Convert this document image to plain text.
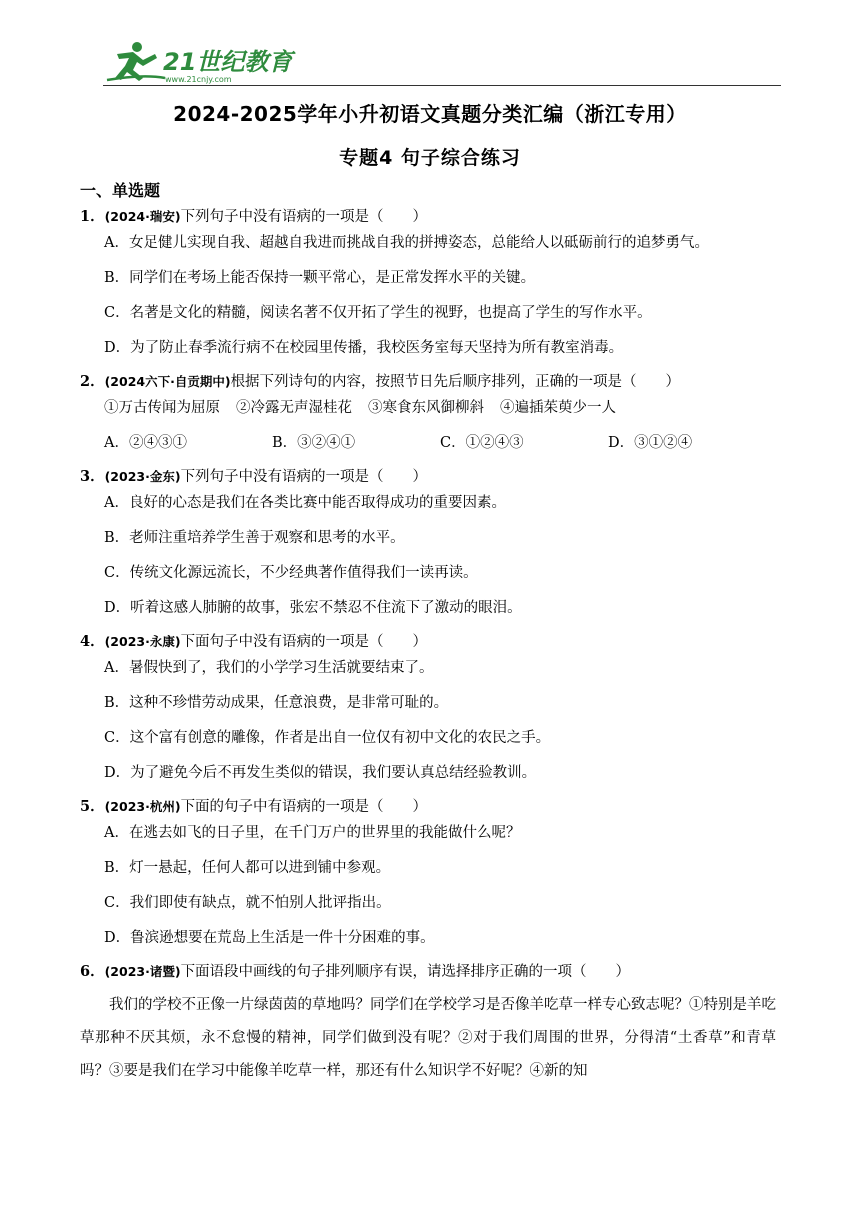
21世纪教育
www.21cnjy.com
2024-2025学年小升初语文真题分类汇编（浙江专用）
专题4 句子综合练习
一、单选题
1．(2024·瑞安)下列句子中没有语病的一项是（　　）
A．女足健儿实现自我、超越自我进而挑战自我的拼搏姿态，总能给人以砥砺前行的追梦勇气。
B．同学们在考场上能否保持一颗平常心，是正常发挥水平的关键。
C．名著是文化的精髓，阅读名著不仅开拓了学生的视野，也提高了学生的写作水平。
D．为了防止春季流行病不在校园里传播，我校医务室每天坚持为所有教室消毒。
2．(2024六下·自贡期中)根据下列诗句的内容，按照节日先后顺序排列，正确的一项是（　　）
①万古传闻为屈原 ②冷露无声湿桂花 ③寒食东风御柳斜 ④遍插茱萸少一人
A．②④③①	B．③②④①	C．①②④③	D．③①②④
3．(2023·金东)下列句子中没有语病的一项是（　　）
A．良好的心态是我们在各类比赛中能否取得成功的重要因素。
B．老师注重培养学生善于观察和思考的水平。
C．传统文化源远流长，不少经典著作值得我们一读再读。
D．听着这感人肺腑的故事，张宏不禁忍不住流下了激动的眼泪。
4．(2023·永康)下面句子中没有语病的一项是（　　）
A．暑假快到了，我们的小学学习生活就要结束了。
B．这种不珍惜劳动成果，任意浪费，是非常可耻的。
C．这个富有创意的雕像，作者是出自一位仅有初中文化的农民之手。
D．为了避免今后不再发生类似的错误，我们要认真总结经验教训。
5．(2023·杭州)下面的句子中有语病的一项是（　　）
A．在逃去如飞的日子里，在千门万户的世界里的我能做什么呢？
B．灯一悬起，任何人都可以进到铺中参观。
C．我们即使有缺点，就不怕别人批评指出。
D．鲁滨逊想要在荒岛上生活是一件十分困难的事。
6．(2023·诸暨)下面语段中画线的句子排列顺序有误，请选择排序正确的一项（　　）
我们的学校不正像一片绿茵茵的草地吗？同学们在学校学习是否像羊吃草一样专心致志呢？①特别是羊吃草那种不厌其烦，永不怠慢的精神，同学们做到没有呢？②对于我们周围的世界，分得清“土香草”和青草吗？③要是我们在学习中能像羊吃草一样，那还有什么知识学不好呢？④新的知
